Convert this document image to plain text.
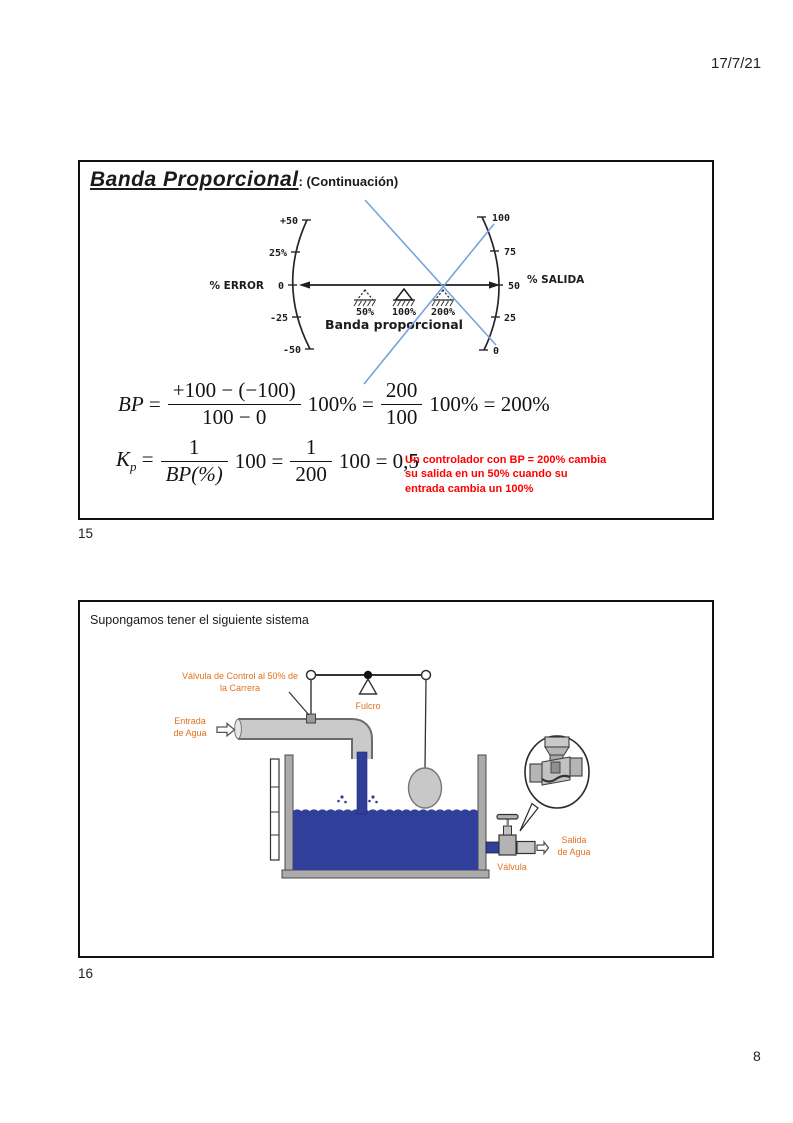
17/7/21
Banda Proporcional: (Continuación)
+50
25%
0
-25
-50
% ERROR
100
75
50
25
0
% SALIDA
50% 100% 200%
Banda proporcional
BP = $\frac{+100 - (-100)}{100 - 0} 100\% = \frac{200}{100} 100\% = 200\%$
$K_p = \frac{1}{BP(\%)} 100 = \frac{1}{200} 100 = 0,5$
Un controlador con BP = 200% cambia su salida en un 50% cuando su entrada cambia un 100%
15
Supongamos tener el siguiente sistema
Válvula de Control al 50% de
la Carrera
Fulcro
Entrada
de Agua
Salida
de Agua
Válvula
16
8
